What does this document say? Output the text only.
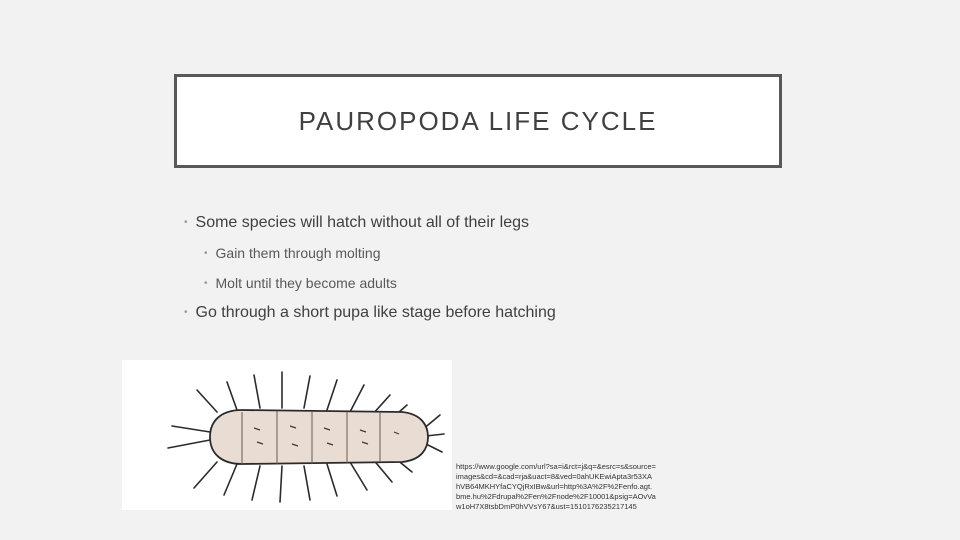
PAUROPODA LIFE CYCLE
• Some species will hatch without all of their legs
• Gain them through molting
• Molt until they become adults
• Go through a short pupa like stage before hatching
https://www.google.com/url?sa=i&rct=j&q=&esrc=s&source=images&cd=&cad=rja&uact=8&ved=0ahUKEwiApta3r53XAhVB64MKHYfaCYQjRxIBw&url=http%3A%2F%2Fenfo.agt.bme.hu%2Fdrupal%2Fen%2Fnode%2F10001&psig=AOvVaw1oH7X8tsbDmP0hVVsY67&ust=1510176235217145
